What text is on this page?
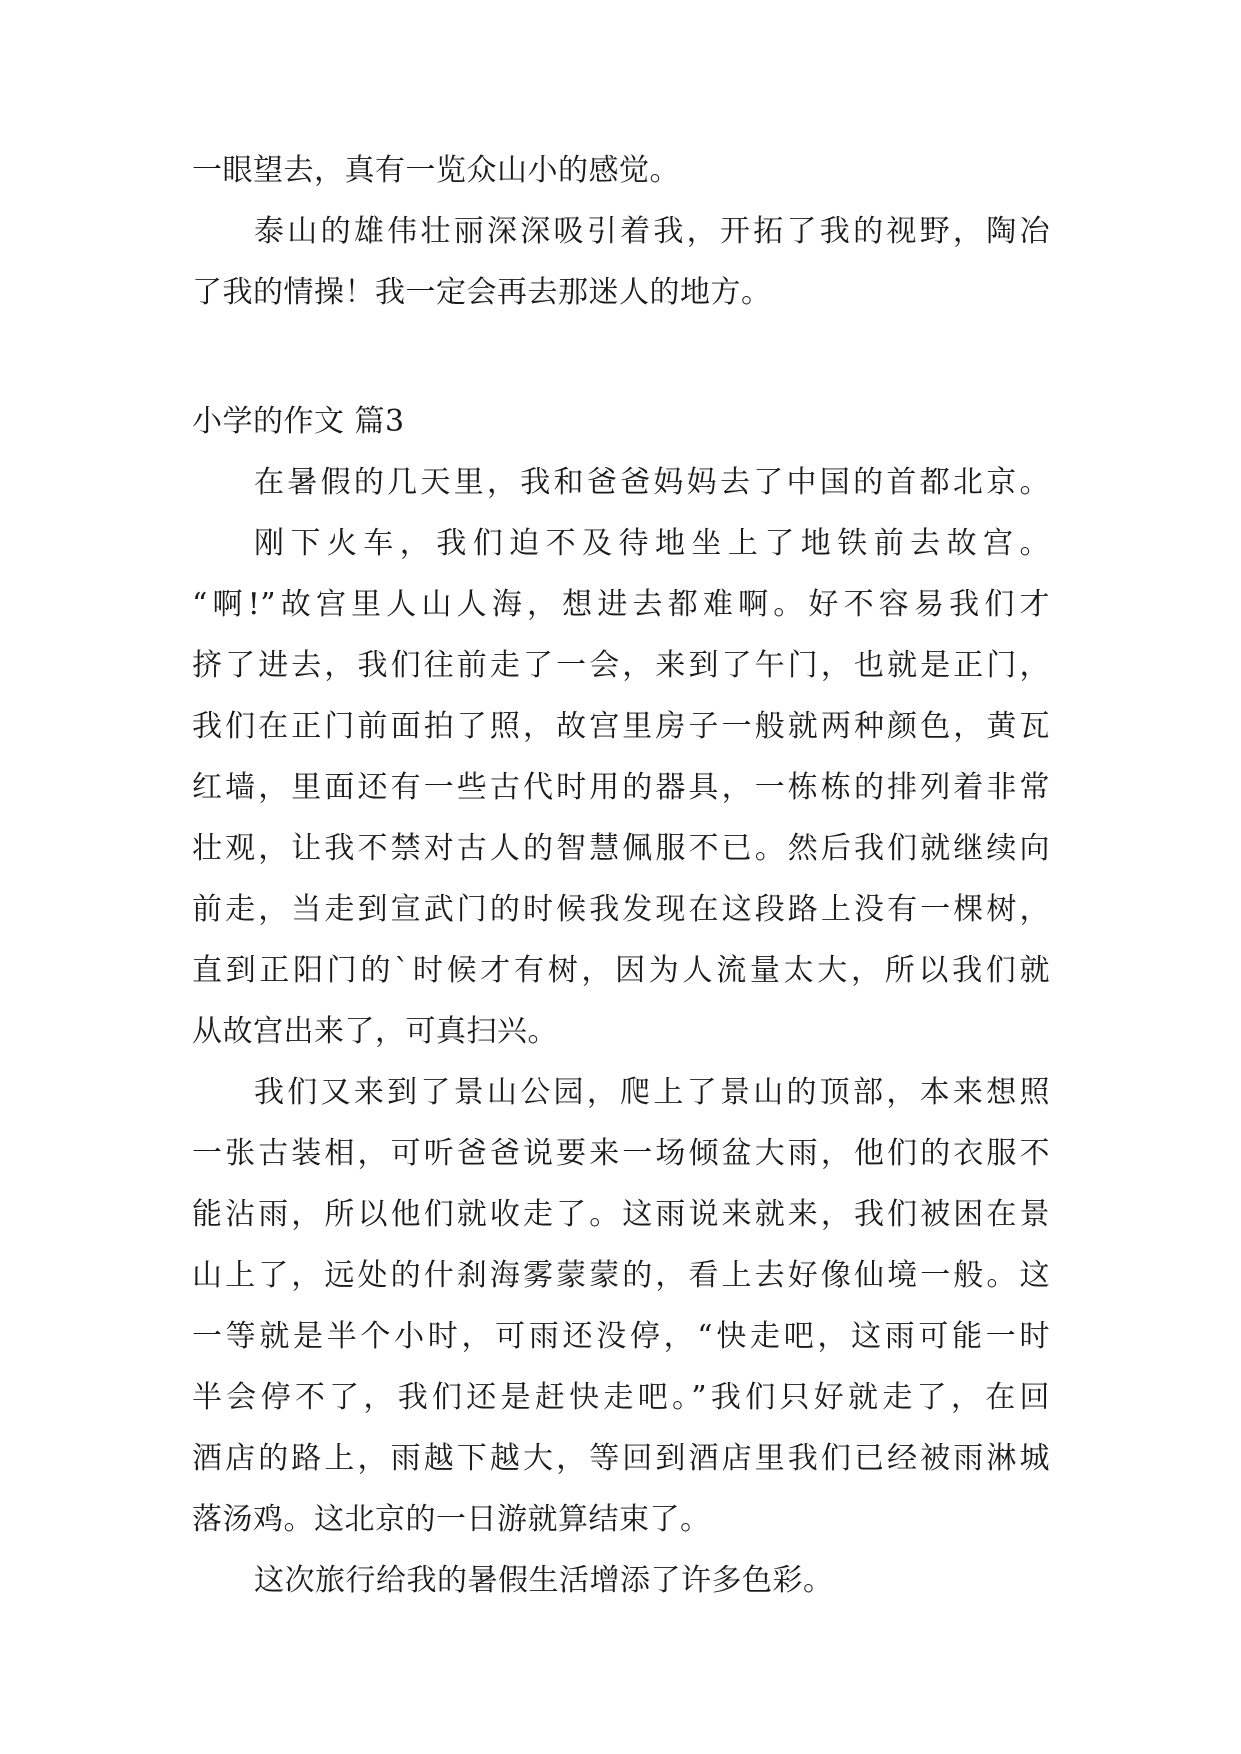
一眼望去，真有一览众山小的感觉。
泰山的雄伟壮丽深深吸引着我，开拓了我的视野，陶冶
了我的情操！我一定会再去那迷人的地方。
小学的作文 篇3
在暑假的几天里，我和爸爸妈妈去了中国的首都北京。
刚下火车，我们迫不及待地坐上了地铁前去故宫。
“啊!”故宫里人山人海，想进去都难啊。好不容易我们才
挤了进去，我们往前走了一会，来到了午门，也就是正门，
我们在正门前面拍了照，故宫里房子一般就两种颜色，黄瓦
红墙，里面还有一些古代时用的器具，一栋栋的排列着非常
壮观，让我不禁对古人的智慧佩服不已。然后我们就继续向
前走，当走到宣武门的时候我发现在这段路上没有一棵树，
直到正阳门的`时候才有树，因为人流量太大，所以我们就
从故宫出来了，可真扫兴。
我们又来到了景山公园，爬上了景山的顶部，本来想照
一张古装相，可听爸爸说要来一场倾盆大雨，他们的衣服不
能沾雨，所以他们就收走了。这雨说来就来，我们被困在景
山上了，远处的什刹海雾蒙蒙的，看上去好像仙境一般。这
一等就是半个小时，可雨还没停，“快走吧，这雨可能一时
半会停不了，我们还是赶快走吧。”我们只好就走了，在回
酒店的路上，雨越下越大，等回到酒店里我们已经被雨淋城
落汤鸡。这北京的一日游就算结束了。
这次旅行给我的暑假生活增添了许多色彩。
